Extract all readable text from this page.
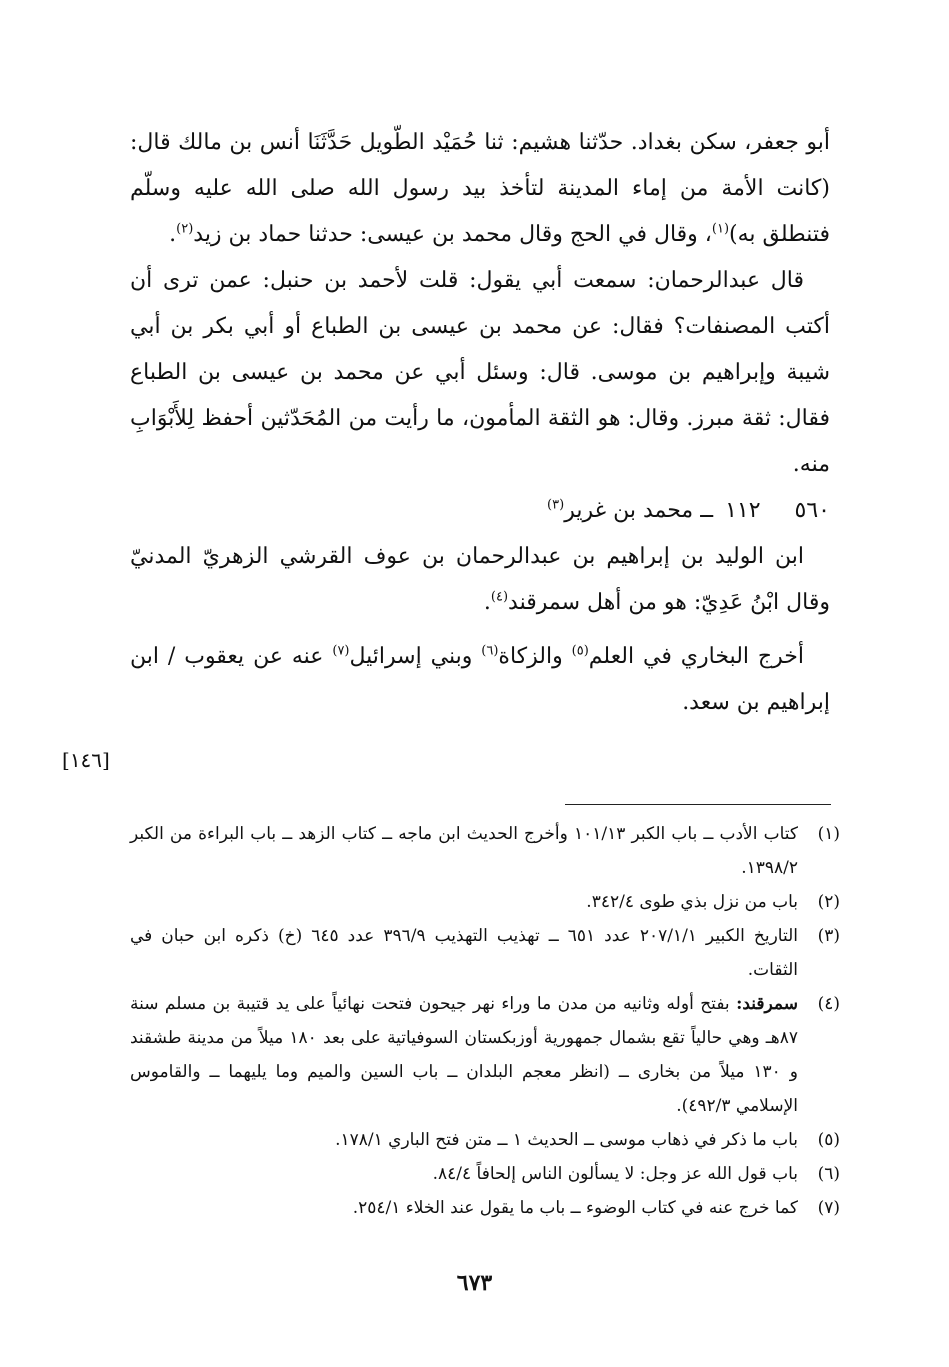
أبو جعفر، سكن بغداد. حدّثنا هشيم: ثنا حُمَيْد الطّويل حَدَّثَنَا أنس بن مالك قال: (كانت الأمة من إماء المدينة لتأخذ بيد رسول الله صلى الله عليه وسلّم فتنطلق به)$^{(١)}$، وقال في الحج وقال محمد بن عيسى: حدثنا حماد بن زيد$^{(٢)}$.

قال عبدالرحمان: سمعت أبي يقول: قلت لأحمد بن حنبل: عمن ترى أن أكتب المصنفات؟ فقال: عن محمد بن عيسى بن الطباع أو أبي بكر بن أبي شيبة وإبراهيم بن موسى. قال: وسئل أبي عن محمد بن عيسى بن الطباع فقال: ثقة مبرز. وقال: هو الثقة المأمون، ما رأيت من المُحَدّثين أحفظ لِلأَبْوَابِ منه.

٥٦٠
١١٢
ــ محمد بن غرير$^{(٣)}$

ابن الوليد بن إبراهيم بن عبدالرحمان بن عوف القرشي الزهريّ المدنيّ وقال ابْنُ عَدِيّ: هو من أهل سمرقند$^{(٤)}$.

أخرج البخاري في العلم$^{(٥)}$ والزكاة$^{(٦)}$ وبني إسرائيل$^{(٧)}$ عنه عن يعقوب / ابن إبراهيم بن سعد.

[١٤٦]

(١)
كتاب الأدب ــ باب الكبر ١٠١/١٣ وأخرج الحديث ابن ماجه ــ كتاب الزهد ــ باب البراءة من الكبر ١٣٩٨/٢.

(٢)
باب من نزل بذي طوى ٣٤٢/٤.

(٣)
التاريخ الكبير ٢٠٧/١/١ عدد ٦٥١ ــ تهذيب التهذيب ٣٩٦/٩ عدد ٦٤٥ (خ) ذكره ابن حبان في الثقات.

(٤)
سمرقند: بفتح أوله وثانيه من مدن ما وراء نهر جيحون فتحت نهائياً على يد قتيبة بن مسلم سنة ٨٧هـ وهي حالياً تقع بشمال جمهورية أوزبكستان السوفياتية على بعد ١٨٠ ميلاً من مدينة طشقند و ١٣٠ ميلاً من بخارى ــ (انظر معجم البلدان ــ باب السين والميم وما يليهما ــ والقاموس الإسلامي ٤٩٢/٣).

(٥)
باب ما ذكر في ذهاب موسى ــ الحديث ١ ــ متن فتح الباري ١٧٨/١.

(٦)
باب قول الله عز وجل: لا يسألون الناس إلحافاً ٨٤/٤.

(٧)
كما خرج عنه في كتاب الوضوء ــ باب ما يقول عند الخلاء ٢٥٤/١.

٦٧٣
